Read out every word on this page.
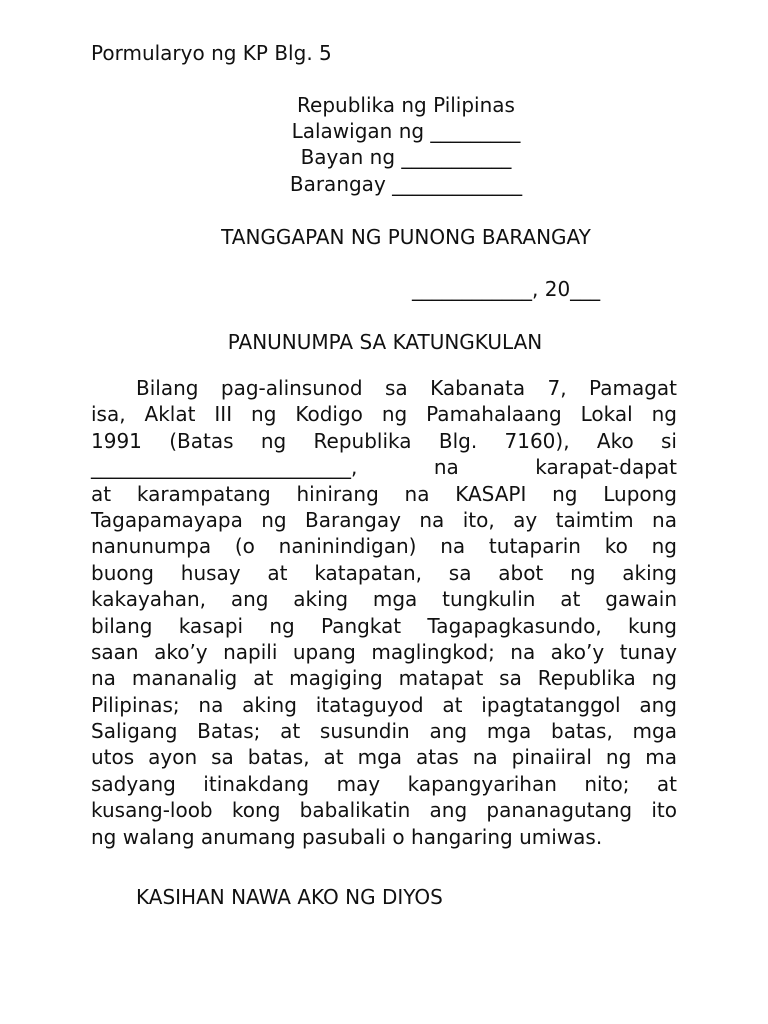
Pormularyo ng KP Blg. 5
Republika ng Pilipinas
Lalawigan ng _________
Bayan ng ___________
Barangay _____________
TANGGAPAN NG PUNONG BARANGAY
____________, 20___
PANUNUMPA SA KATUNGKULAN
Bilang pag-alinsunod sa Kabanata 7, Pamagat
isa, Aklat III ng Kodigo ng Pamahalaang Lokal ng
1991 (Batas ng Republika Blg. 7160), Ako si
__________________________, na karapat-dapat
at karampatang hinirang na KASAPI ng Lupong
Tagapamayapa ng Barangay na ito, ay taimtim na
nanunumpa (o naninindigan) na tutaparin ko ng
buong husay at katapatan, sa abot ng aking
kakayahan, ang aking mga tungkulin at gawain
bilang kasapi ng Pangkat Tagapagkasundo, kung
saan ako’y napili upang maglingkod; na ako’y tunay
na mananalig at magiging matapat sa Republika ng
Pilipinas; na aking itataguyod at ipagtatanggol ang
Saligang Batas; at susundin ang mga batas, mga
utos ayon sa batas, at mga atas na pinaiiral ng ma
sadyang itinakdang may kapangyarihan nito; at
kusang-loob kong babalikatin ang pananagutang ito
ng walang anumang pasubali o hangaring umiwas.
KASIHAN NAWA AKO NG DIYOS
